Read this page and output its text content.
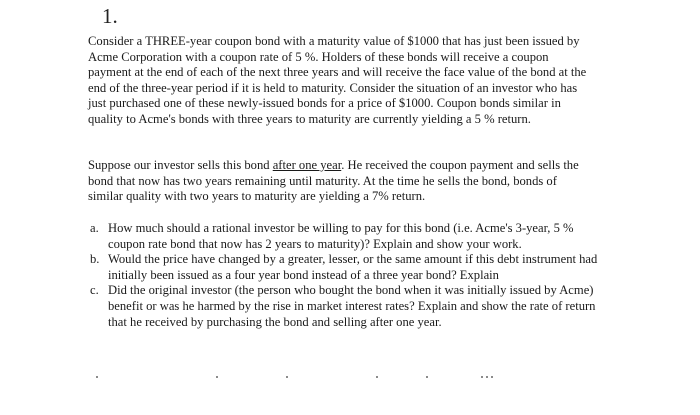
1.

Consider a THREE-year coupon bond with a maturity value of $1000 that has just been issued by Acme Corporation with a coupon rate of 5 %. Holders of these bonds will receive a coupon payment at the end of each of the next three years and will receive the face value of the bond at the end of the three-year period if it is held to maturity. Consider the situation of an investor who has just purchased one of these newly-issued bonds for a price of $1000. Coupon bonds similar in quality to Acme's bonds with three years to maturity are currently yielding a 5 % return.

Suppose our investor sells this bond after one year. He received the coupon payment and sells the bond that now has two years remaining until maturity. At the time he sells the bond, bonds of similar quality with two years to maturity are yielding a 7% return.

a. How much should a rational investor be willing to pay for this bond (i.e. Acme's 3-year, 5 % coupon rate bond that now has 2 years to maturity)? Explain and show your work.
b. Would the price have changed by a greater, lesser, or the same amount if this debt instrument had initially been issued as a four year bond instead of a three year bond? Explain
c. Did the original investor (the person who bought the bond when it was initially issued by Acme) benefit or was he harmed by the rise in market interest rates? Explain and show the rate of return that he received by purchasing the bond and selling after one year.
